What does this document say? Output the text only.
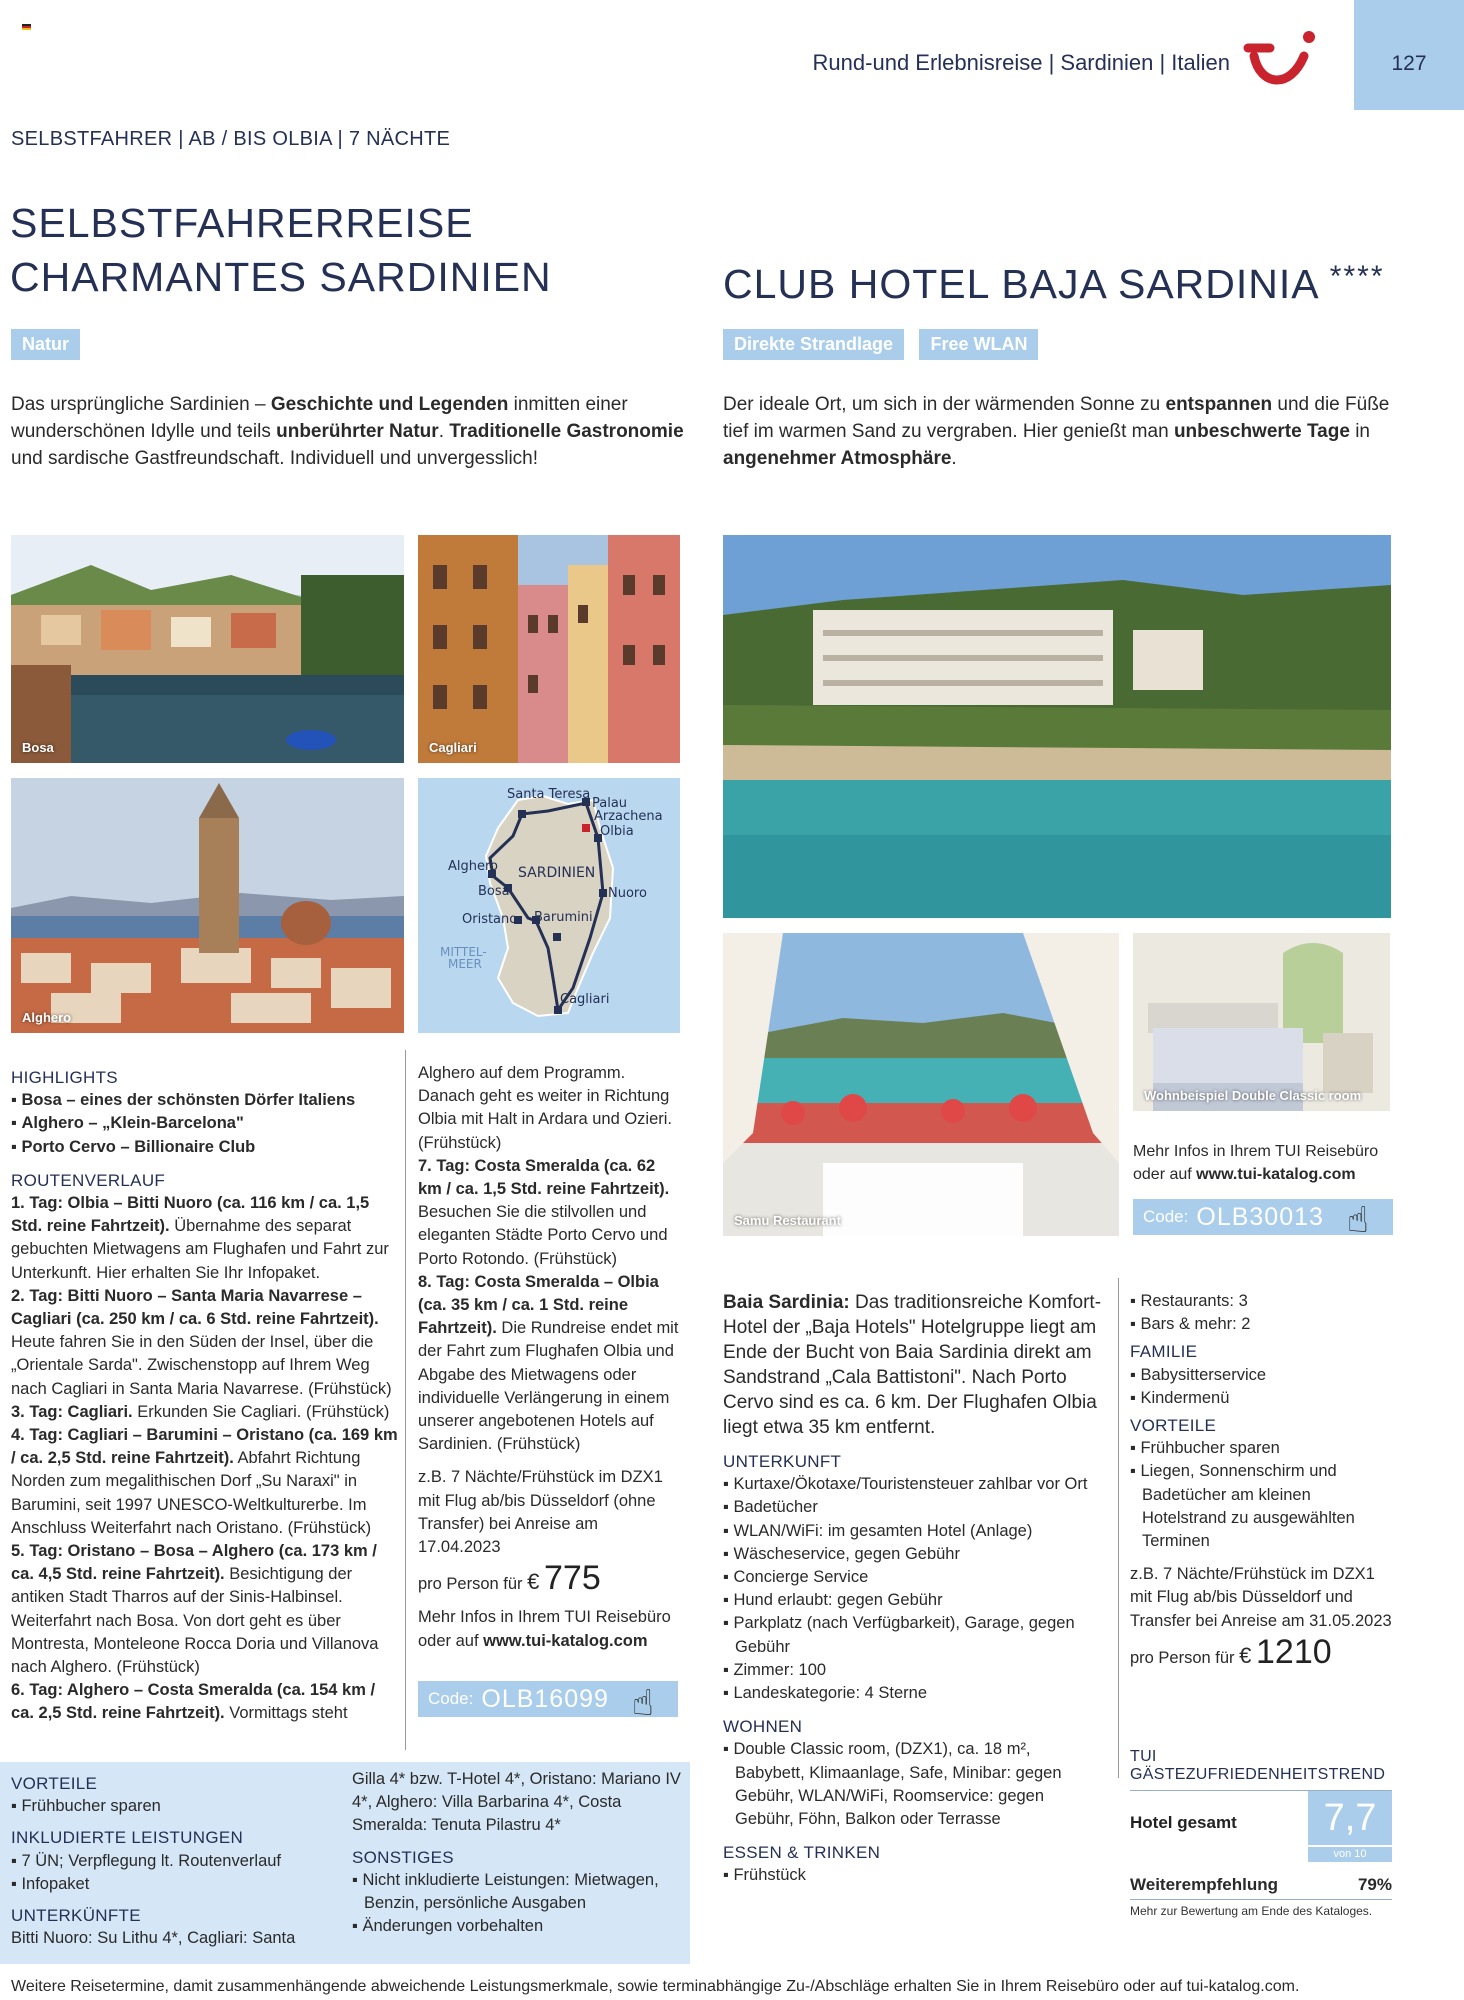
Rund-und Erlebnisreise | Sardinien | Italien	127
SELBSTFAHRER | AB / BIS OLBIA | 7 NÄCHTE
SELBSTFAHRERREISE
CHARMANTES SARDINIEN
Natur
Das ursprüngliche Sardinien – Geschichte und Legenden inmitten einer wunderschönen Idylle und teils unberührter Natur. Traditionelle Gastronomie und sardische Gastfreundschaft. Individuell und unvergesslich!
CLUB HOTEL BAJA SARDINIA ****
Direkte Strandlage Free WLAN
Der ideale Ort, um sich in der wärmenden Sonne zu entspannen und die Füße tief im warmen Sand zu vergraben. Hier genießt man unbeschwerte Tage in angenehmer Atmosphäre.
Bosa	Cagliari
Alghero
Santa Teresa
Palau
Arzachena
Olbia
Alghero
Bosa
SARDINIEN
Nuoro
Oristano Barumini
MITTEL-
MEER
Cagliari
HIGHLIGHTS
▪ Bosa – eines der schönsten Dörfer Italiens
▪ Alghero – „Klein-Barcelona"
▪ Porto Cervo – Billionaire Club
ROUTENVERLAUF
1. Tag: Olbia – Bitti Nuoro (ca. 116 km / ca. 1,5 Std. reine Fahrtzeit). Übernahme des separat gebuchten Mietwagens am Flughafen und Fahrt zur Unterkunft. Hier erhalten Sie Ihr Infopaket.
2. Tag: Bitti Nuoro – Santa Maria Navarrese – Cagliari (ca. 250 km / ca. 6 Std. reine Fahrtzeit). Heute fahren Sie in den Süden der Insel, über die „Orientale Sarda". Zwischenstopp auf Ihrem Weg nach Cagliari in Santa Maria Navarrese. (Frühstück)
3. Tag: Cagliari. Erkunden Sie Cagliari. (Frühstück)
4. Tag: Cagliari – Barumini – Oristano (ca. 169 km / ca. 2,5 Std. reine Fahrtzeit). Abfahrt Richtung Norden zum megalithischen Dorf „Su Naraxi" in Barumini, seit 1997 UNESCO-Weltkulturerbe. Im Anschluss Weiterfahrt nach Oristano. (Frühstück)
5. Tag: Oristano – Bosa – Alghero (ca. 173 km / ca. 4,5 Std. reine Fahrtzeit). Besichtigung der antiken Stadt Tharros auf der Sinis-Halbinsel. Weiterfahrt nach Bosa. Von dort geht es über Montresta, Monteleone Rocca Doria und Villanova nach Alghero. (Frühstück)
6. Tag: Alghero – Costa Smeralda (ca. 154 km / ca. 2,5 Std. reine Fahrtzeit). Vormittags steht
Alghero auf dem Programm. Danach geht es weiter in Richtung Olbia mit Halt in Ardara und Ozieri. (Frühstück)
7. Tag: Costa Smeralda (ca. 62 km / ca. 1,5 Std. reine Fahrtzeit). Besuchen Sie die stilvollen und eleganten Städte Porto Cervo und Porto Rotondo. (Frühstück)
8. Tag: Costa Smeralda – Olbia (ca. 35 km / ca. 1 Std. reine Fahrtzeit). Die Rundreise endet mit der Fahrt zum Flughafen Olbia und Abgabe des Mietwagens oder individuelle Verlängerung in einem unserer angebotenen Hotels auf Sardinien. (Frühstück)
z.B. 7 Nächte/Frühstück im DZX1 mit Flug ab/bis Düsseldorf (ohne Transfer) bei Anreise am 17.04.2023
pro Person für € 775
Mehr Infos in Ihrem TUI Reisebüro oder auf www.tui-katalog.com
Code: OLB16099 ☝
VORTEILE
▪ Frühbucher sparen
INKLUDIERTE LEISTUNGEN
▪ 7 ÜN; Verpflegung lt. Routenverlauf
▪ Infopaket
UNTERKÜNFTE
Bitti Nuoro: Su Lithu 4*, Cagliari: Santa
Gilla 4* bzw. T-Hotel 4*, Oristano: Mariano IV 4*, Alghero: Villa Barbarina 4*, Costa Smeralda: Tenuta Pilastru 4*
SONSTIGES
▪ Nicht inkludierte Leistungen: Mietwagen, Benzin, persönliche Ausgaben
▪ Änderungen vorbehalten
Samu Restaurant
Wohnbeispiel Double Classic room
Mehr Infos in Ihrem TUI Reisebüro oder auf www.tui-katalog.com
Code: OLB30013 ☝
Baia Sardinia: Das traditionsreiche Komfort-Hotel der „Baja Hotels" Hotelgruppe liegt am Ende der Bucht von Baia Sardinia direkt am Sandstrand „Cala Battistoni". Nach Porto Cervo sind es ca. 6 km. Der Flughafen Olbia liegt etwa 35 km entfernt.
UNTERKUNFT
▪ Kurtaxe/Ökotaxe/Touristensteuer zahlbar vor Ort
▪ Badetücher
▪ WLAN/WiFi: im gesamten Hotel (Anlage)
▪ Wäscheservice, gegen Gebühr
▪ Concierge Service
▪ Hund erlaubt: gegen Gebühr
▪ Parkplatz (nach Verfügbarkeit), Garage, gegen Gebühr
▪ Zimmer: 100
▪ Landeskategorie: 4 Sterne
WOHNEN
▪ Double Classic room, (DZX1), ca. 18 m², Babybett, Klimaanlage, Safe, Minibar: gegen Gebühr, WLAN/WiFi, Roomservice: gegen Gebühr, Föhn, Balkon oder Terrasse
ESSEN & TRINKEN
▪ Frühstück
▪ Restaurants: 3
▪ Bars & mehr: 2
FAMILIE
▪ Babysitterservice
▪ Kindermenü
VORTEILE
▪ Frühbucher sparen
▪ Liegen, Sonnenschirm und Badetücher am kleinen Hotelstrand zu ausgewählten Terminen
z.B. 7 Nächte/Frühstück im DZX1 mit Flug ab/bis Düsseldorf und Transfer bei Anreise am 31.05.2023
pro Person für € 1210
TUI GÄSTEZUFRIEDENHEITSTREND
Hotel gesamt	7,7
von 10
Weiterempfehlung	79%
Mehr zur Bewertung am Ende des Kataloges.
Weitere Reisetermine, damit zusammenhängende abweichende Leistungsmerkmale, sowie terminabhängige Zu-/Abschläge erhalten Sie in Ihrem Reisebüro oder auf tui-katalog.com.
